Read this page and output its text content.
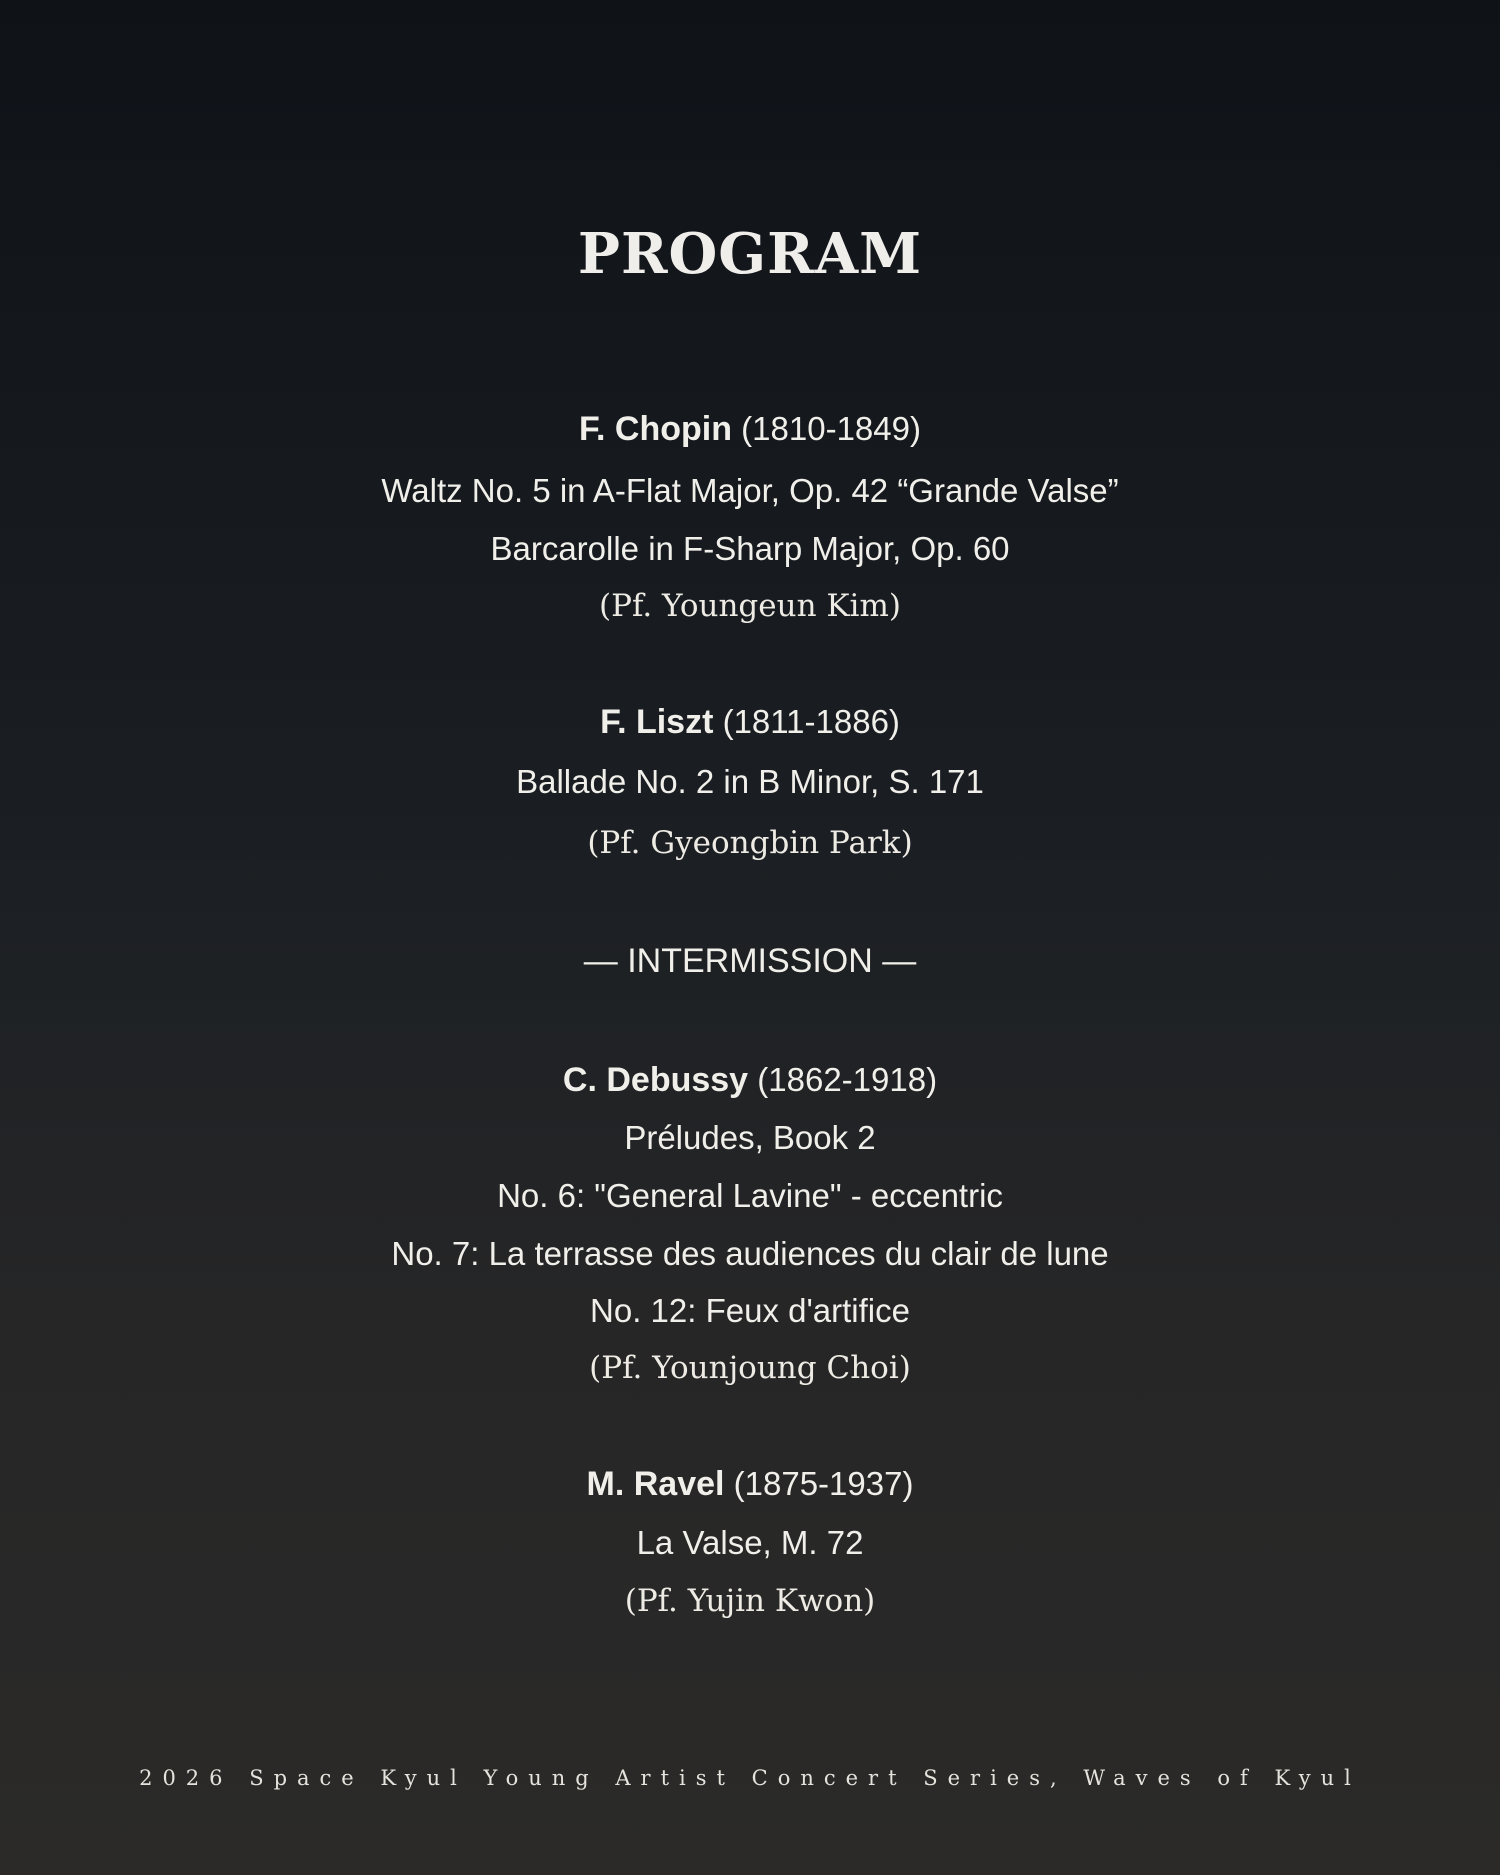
PROGRAM
F. Chopin (1810-1849)
Waltz No. 5 in A-Flat Major, Op. 42 “Grande Valse”
Barcarolle in F-Sharp Major, Op. 60
(Pf. Youngeun Kim)
F. Liszt (1811-1886)
Ballade No. 2 in B Minor, S. 171
(Pf. Gyeongbin Park)
— INTERMISSION —
C. Debussy (1862-1918)
Préludes, Book 2
No. 6: "General Lavine" - eccentric
No. 7: La terrasse des audiences du clair de lune
No. 12: Feux d'artifice
(Pf. Younjoung Choi)
M. Ravel (1875-1937)
La Valse, M. 72
(Pf. Yujin Kwon)
2026 Space Kyul Young Artist Concert Series, Waves of Kyul
